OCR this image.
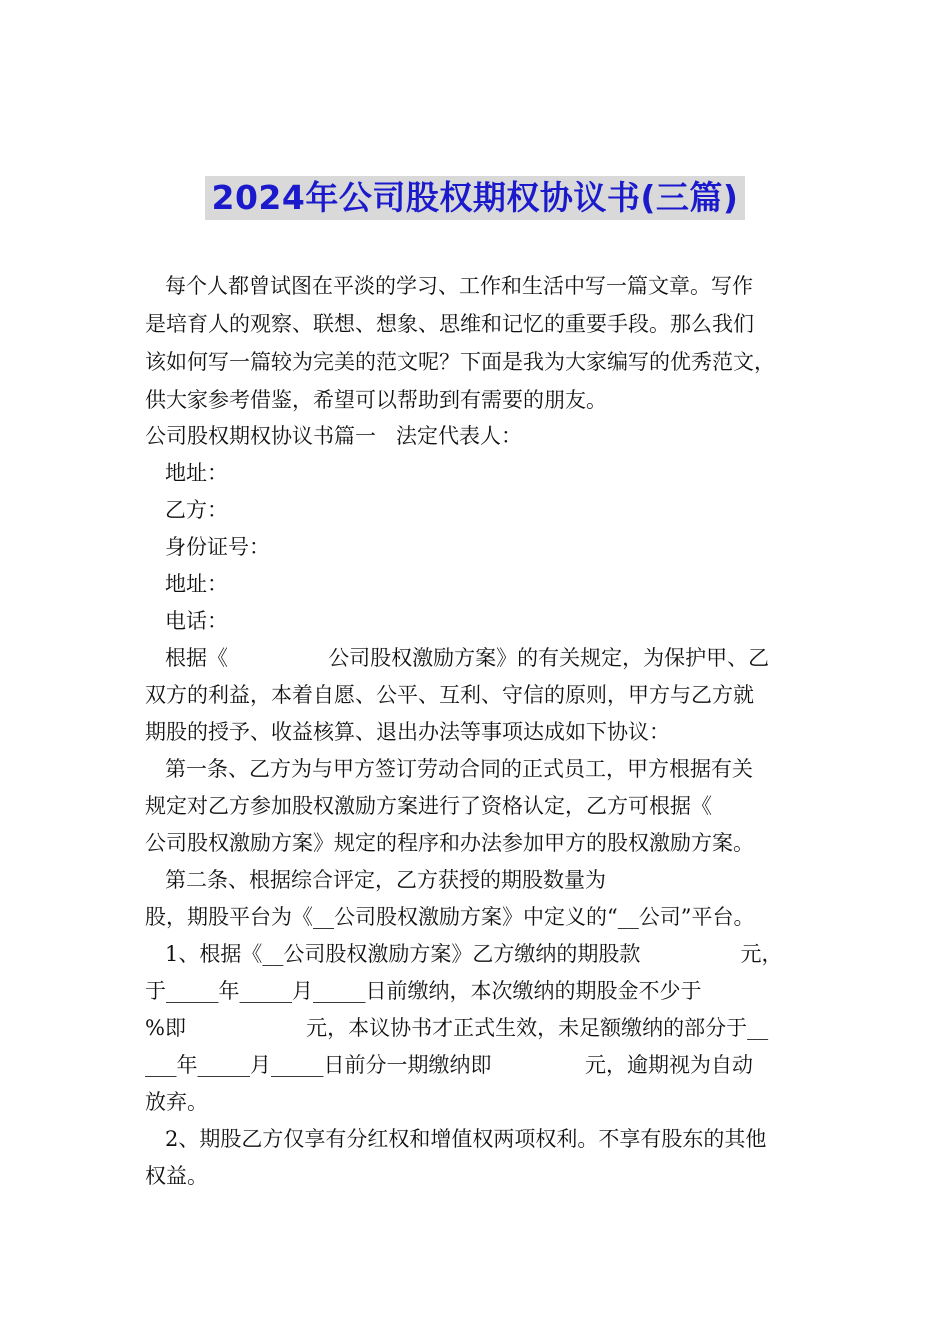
2024年公司股权期权协议书(三篇)
每个人都曾试图在平淡的学习、工作和生活中写一篇文章。写作
是培育人的观察、联想、想象、思维和记忆的重要手段。那么我们
该如何写一篇较为完美的范文呢？下面是我为大家编写的优秀范文，
供大家参考借鉴，希望可以帮助到有需要的朋友。
公司股权期权协议书篇一   法定代表人：
地址：
乙方：
身份证号：
地址：
电话：
根据《               公司股权激励方案》的有关规定，为保护甲、乙
双方的利益，本着自愿、公平、互利、守信的原则，甲方与乙方就
期股的授予、收益核算、退出办法等事项达成如下协议：
第一条、乙方为与甲方签订劳动合同的正式员工，甲方根据有关
规定对乙方参加股权激励方案进行了资格认定，乙方可根据《
公司股权激励方案》规定的程序和办法参加甲方的股权激励方案。
第二条、根据综合评定，乙方获授的期股数量为
股，期股平台为《__公司股权激励方案》中定义的“__公司”平台。
1、根据《__公司股权激励方案》乙方缴纳的期股款               元，
于_____年_____月_____日前缴纳，本次缴纳的期股金不少于
%即                  元，本议协书才正式生效，未足额缴纳的部分于__
___年_____月_____日前分一期缴纳即              元，逾期视为自动
放弃。
2、期股乙方仅享有分红权和增值权两项权利。不享有股东的其他
权益。
